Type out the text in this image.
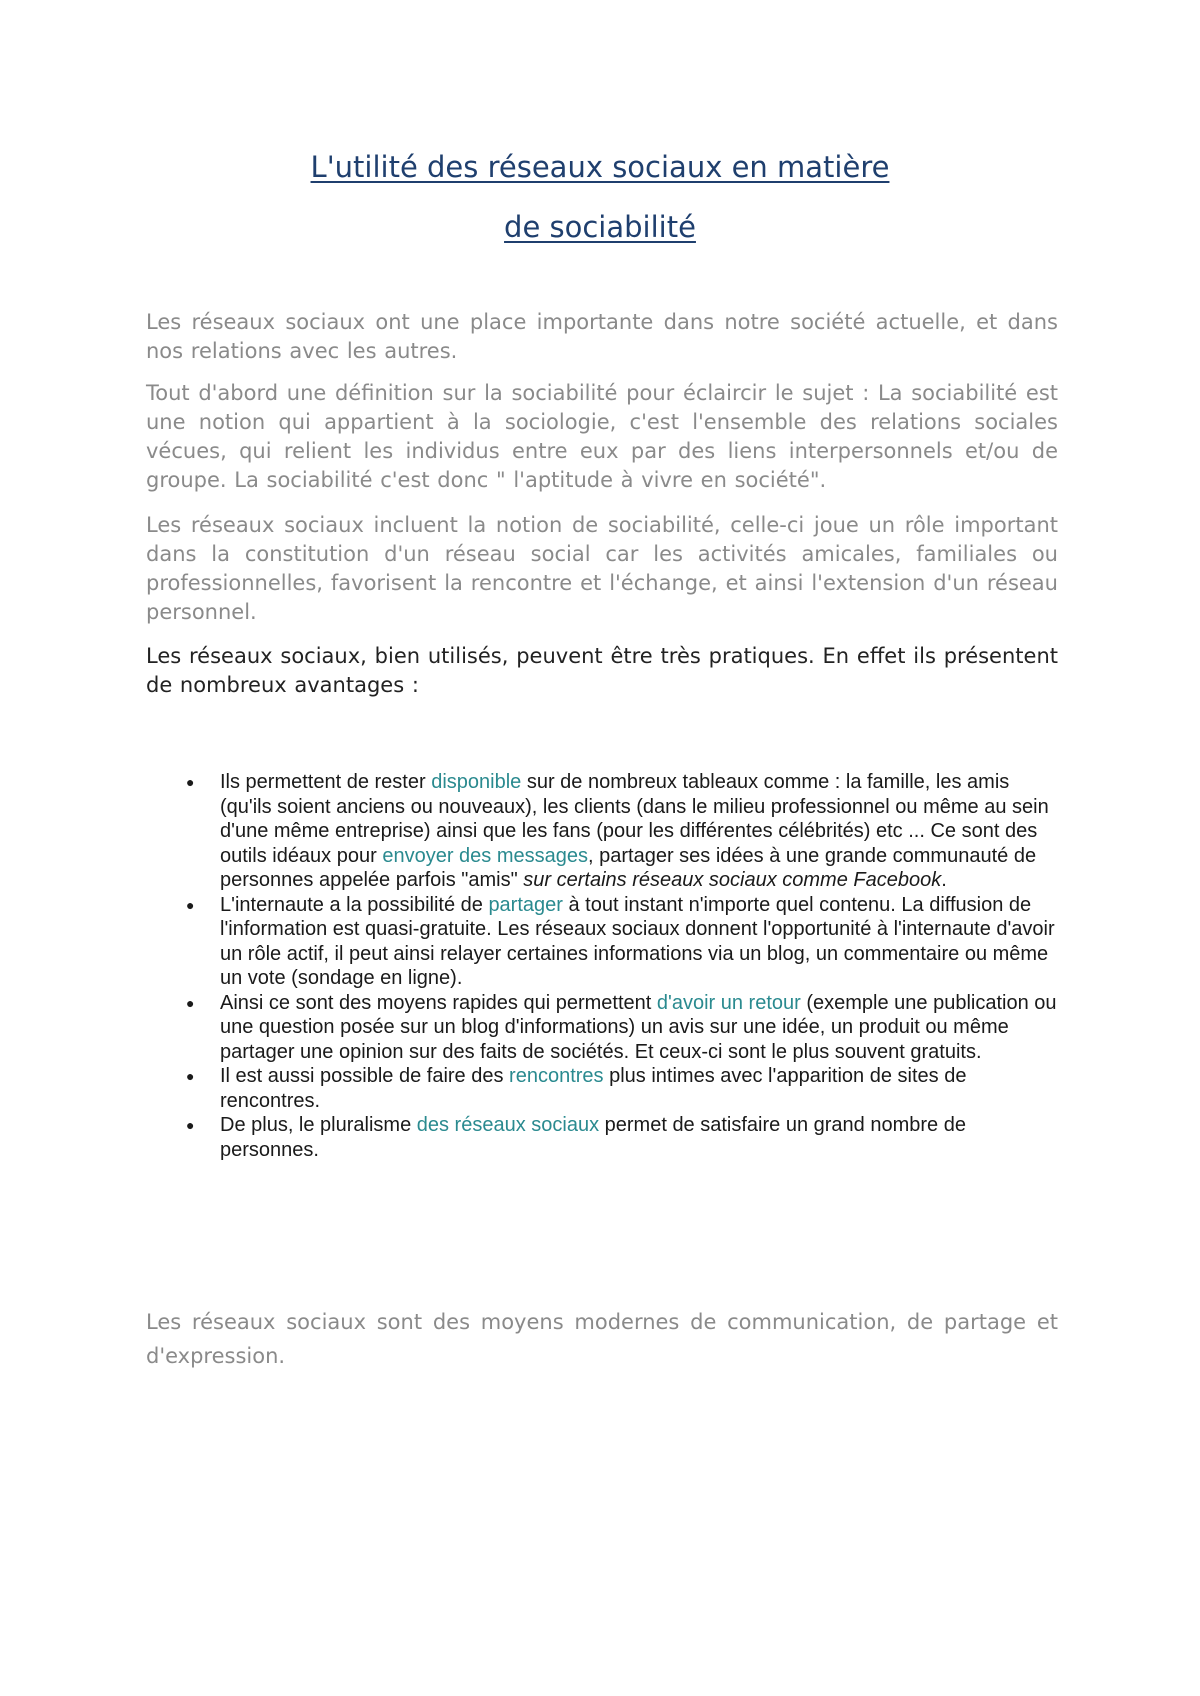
L'utilité des réseaux sociaux en matière
de sociabilité

Les réseaux sociaux ont une place importante dans notre société actuelle, et dans nos relations avec les autres.

Tout d'abord une définition sur la sociabilité pour éclaircir le sujet : La sociabilité est une notion qui appartient à la sociologie, c'est l'ensemble des relations sociales vécues, qui relient les individus entre eux par des liens interpersonnels et/ou de groupe. La sociabilité c'est donc " l'aptitude à vivre en société".

Les réseaux sociaux incluent la notion de sociabilité, celle-ci joue un rôle important dans la constitution d'un réseau social car les activités amicales, familiales ou professionnelles, favorisent la rencontre et l'échange, et ainsi l'extension d'un réseau personnel.

Les réseaux sociaux, bien utilisés, peuvent être très pratiques. En effet ils présentent de nombreux avantages :

● Ils permettent de rester disponible sur de nombreux tableaux comme : la famille, les amis (qu'ils soient anciens ou nouveaux), les clients (dans le milieu professionnel ou même au sein d'une même entreprise) ainsi que les fans (pour les différentes célébrités) etc ... Ce sont des outils idéaux pour envoyer des messages, partager ses idées à une grande communauté de personnes appelée parfois "amis" sur certains réseaux sociaux comme Facebook.
● L'internaute a la possibilité de partager à tout instant n'importe quel contenu. La diffusion de l'information est quasi-gratuite. Les réseaux sociaux donnent l'opportunité à l'internaute d'avoir un rôle actif, il peut ainsi relayer certaines informations via un blog, un commentaire ou même un vote (sondage en ligne).
● Ainsi ce sont des moyens rapides qui permettent d'avoir un retour (exemple une publication ou une question posée sur un blog d'informations) un avis sur une idée, un produit ou même partager une opinion sur des faits de sociétés. Et ceux-ci sont le plus souvent gratuits.
● Il est aussi possible de faire des rencontres plus intimes avec l'apparition de sites de rencontres.
● De plus, le pluralisme des réseaux sociaux permet de satisfaire un grand nombre de personnes.

Les réseaux sociaux sont des moyens modernes de communication, de partage et d'expression.
